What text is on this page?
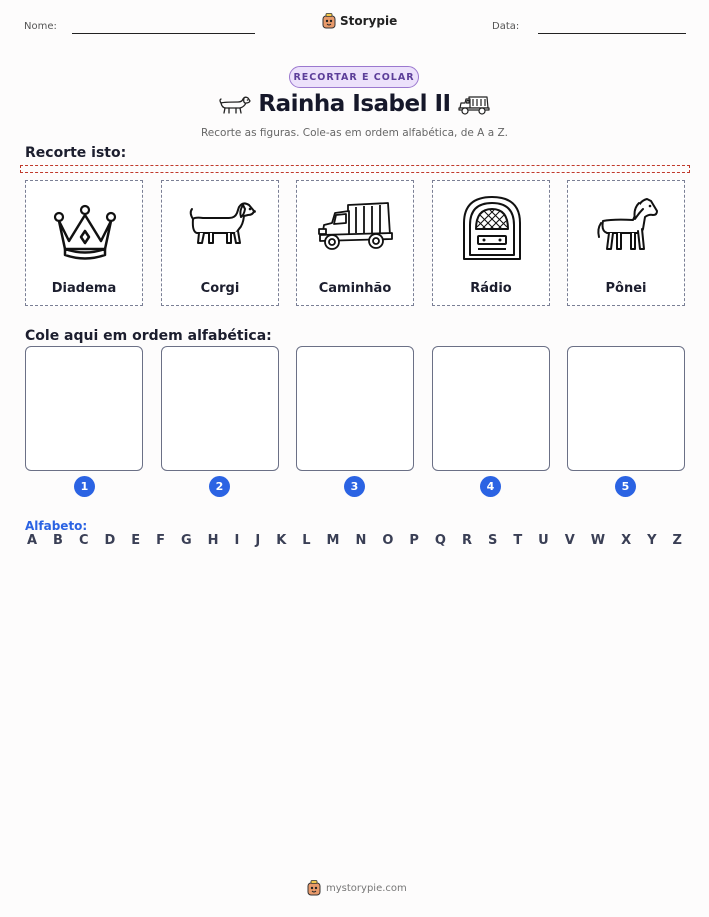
Nome:	Storypie	Data:
RECORTAR E COLAR
Rainha Isabel II
Recorte as figuras. Cole-as em ordem alfabética, de A a Z.
Recorte isto:
Diadema	Corgi	Caminhão	Rádio	Pônei
Cole aqui em ordem alfabética:
1	2	3	4	5
Alfabeto:
A B C D E F G H I J K L M N O P Q R S T U V W X Y Z
mystorypie.com
